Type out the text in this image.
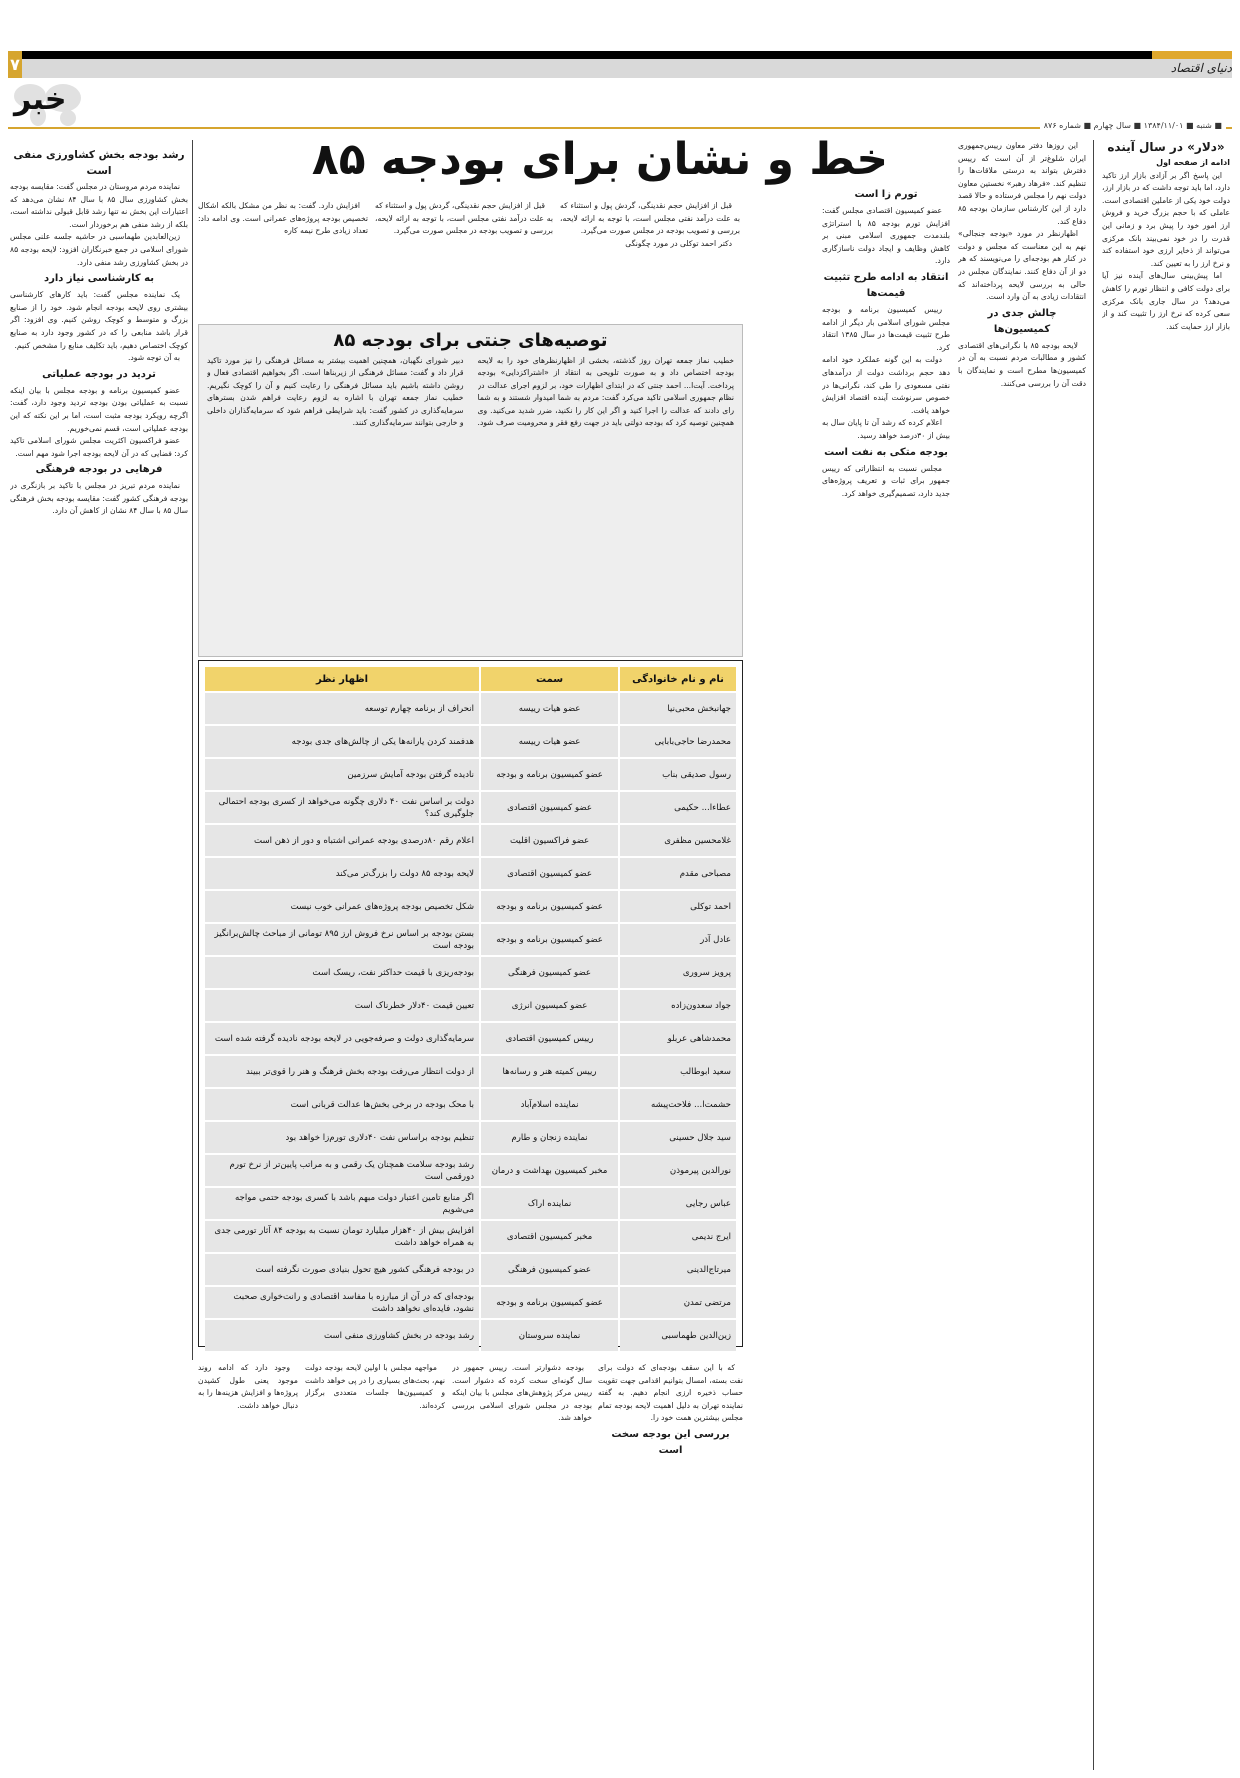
۷	دنیای اقتصاد
خبر
■ شنبه ■ ۱۳۸۴/۱۱/۰۱ ■ سال چهارم ■ شماره ۸۷۶
خط و نشان برای بودجه ۸۵	«دلار» در سال آینده
ادامه از صفحه اول

این پاسخ اگر بر آزادی بازار ارز تاکید دارد، اما باید توجه داشت که در بازار ارز، دولت خود یکی از عاملین اقتصادی است. عاملی که با حجم بزرگ خرید و فروش ارز امور خود را پیش برد و زمانی این قدرت را در خود نمی‌بیند بانک مرکزی می‌تواند از ذخایر ارزی خود استفاده کند و نرخ ارز را به تعیین کند.

اما پیش‌بینی سال‌های آینده نیز آیا برای دولت کافی و انتظار تورم را کاهش می‌دهد؟ در سال جاری بانک مرکزی سعی کرده که نرخ ارز را تثبیت کند و از بازار ارز حمایت کند.

این روزها دفتر معاون رییس‌جمهوری ایران شلوغ‌تر از آن است که رییس دفترش بتواند به درستی ملاقات‌ها را تنظیم کند. «فرهاد رهبر» نخستین معاون دولت نهم را مجلس فرستاده و حالا قصد دارد از این کارشناس سازمان بودجه ۸۵ دفاع کند.

اظهارنظر در مورد «بودجه جنجالی» نهم به این معناست که مجلس و دولت در کنار هم بودجه‌ای را می‌نویسند که هر دو از آن دفاع کنند. نمایندگان مجلس در حالی به بررسی لایحه پرداخته‌اند که انتقادات زیادی به آن وارد است.

چالش جدی در کمیسیون‌ها

لایحه بودجه ۸۵ با نگرانی‌های اقتصادی کشور و مطالبات مردم نسبت به آن در کمیسیون‌ها مطرح است و نمایندگان با دقت آن را بررسی می‌کنند.

تورم زا است

عضو کمیسیون اقتصادی مجلس گفت: افزایش تورم بودجه ۸۵ با استراتژی بلندمدت جمهوری اسلامی مبنی بر کاهش وظایف و ایجاد دولت ناسازگاری دارد.

انتقاد به ادامه طرح تثبیت قیمت‌ها

رییس کمیسیون برنامه و بودجه مجلس شورای اسلامی بار دیگر از ادامه طرح تثبیت قیمت‌ها در سال ۱۳۸۵ انتقاد کرد.

دولت به این گونه عملکرد خود ادامه دهد حجم برداشت دولت از درآمدهای نفتی مسعودی را طی کند، نگرانی‌ها در خصوص سرنوشت آینده اقتصاد افزایش خواهد یافت.

اعلام کرده که رشد آن تا پایان سال به بیش از ۳۰درصد خواهد رسید.

بودجه متکی به نفت است

مجلس نسبت به انتظاراتی که رییس جمهور برای ثبات و تعریف پروژه‌های جدید دارد، تصمیم‌گیری خواهد کرد.

قبل از افزایش حجم نقدینگی، گردش پول و استثناء که به علت درآمد نفتی مجلس است، با توجه به ارائه لایحه، بررسی و تصویب بودجه در مجلس صورت می‌گیرد.

دکتر احمد توکلی در مورد چگونگی

افزایش دارد. گفت: به نظر من مشکل بالکه اشکال تخصیص بودجه پروژه‌های عمرانی است. وی ادامه داد: تعداد زیادی طرح نیمه کاره

قبل از افزایش حجم نقدینگی، گردش پول و استثناء که به علت درآمد نفتی مجلس است، با توجه به ارائه لایحه، بررسی و تصویب بودجه در مجلس صورت می‌گیرد.

توصیه‌های جنتی برای بودجه ۸۵
خطیب نماز جمعه تهران روز گذشته، بخشی از اظهارنظرهای خود را به لایحه بودجه اختصاص داد و به صورت تلویحی به انتقاد از «اشتراکزدایی» بودجه پرداخت. آیت‌ا... احمد جنتی که در ابتدای اظهارات خود، بر لزوم اجرای عدالت در نظام جمهوری اسلامی تاکید می‌کرد گفت: مردم به شما امیدوار شستند و به شما رای دادند که عدالت را اجرا کنید و اگر این کار را نکنید، ضرر شدید می‌کنید. وی همچنین توصیه کرد که بودجه دولتی باید در جهت رفع فقر و محرومیت صرف شود.
دبیر شورای نگهبان، همچنین اهمیت بیشتر به مسائل فرهنگی را نیز مورد تاکید قرار داد و گفت: مسائل فرهنگی از زیربناها است. اگر بخواهیم اقتصادی فعال و روشن داشته باشیم باید مسائل فرهنگی را رعایت کنیم و آن را کوچک نگیریم. خطیب نماز جمعه تهران با اشاره به لزوم رعایت فراهم شدن بستر‌های سرمایه‌گذاری در کشور گفت: باید شرایطی فراهم شود که سرمایه‌گذاران داخلی و خارجی بتوانند سرمایه‌گذاری کنند.
نام و نام خانوادگی	سمت	اظهار نظر
جهانبخش محبی‌نیا	عضو هیات رییسه	انحراف از برنامه چهارم توسعه
محمدرضا حاجی‌بابایی	عضو هیات رییسه	هدفمند کردن یارانه‌ها یکی از چالش‌های جدی بودجه
رسول صدیقی بناب	عضو کمیسیون برنامه و بودجه	نادیده گرفتن بودجه آمایش سرزمین
عطاءا... حکیمی	عضو کمیسیون اقتصادی	دولت بر اساس نفت ۴۰ دلاری چگونه می‌خواهد از کسری بودجه احتمالی جلوگیری کند؟
غلامحسین مظفری	عضو فراکسیون اقلیت	اعلام رقم ۸۰درصدی بودجه عمرانی اشتباه و دور از ذهن است
مصباحی مقدم	عضو کمیسیون اقتصادی	لایحه بودجه ۸۵ دولت را بزرگ‌تر می‌کند
احمد توکلی	عضو کمیسیون برنامه و بودجه	شکل تخصیص بودجه پروژه‌های عمرانی خوب نیست
عادل آذر	عضو کمیسیون برنامه و بودجه	بستن بودجه بر اساس نرخ فروش ارز ۸۹۵ تومانی از مباحث چالش‌برانگیز بودجه است
پرویز سروری	عضو کمیسیون فرهنگی	بودجه‌ریزی با قیمت حداکثر نفت، ریسک است
جواد سعدون‌زاده	عضو کمیسیون انرژی	تعیین قیمت ۴۰دلار خطرناک است
محمدشاهی عربلو	رییس کمیسیون اقتصادی	سرمایه‌گذاری دولت و صرفه‌جویی در لایحه بودجه نادیده گرفته شده است
سعید ابوطالب	رییس کمیته هنر و رسانه‌ها	از دولت انتظار می‌رفت بودجه بخش فرهنگ و هنر را قوی‌تر ببیند
حشمت‌ا... فلاحت‌پیشه	نماینده اسلام‌آباد	با محک بودجه در برخی بخش‌ها عدالت قربانی است
سید جلال حسینی	نماینده زنجان و طارم	تنظیم بودجه براساس نفت ۴۰دلاری تورم‌زا خواهد بود
نورالدین پیرموذن	مخبر کمیسیون بهداشت و درمان	رشد بودجه سلامت همچنان یک رقمی و به مراتب پایین‌تر از نرخ تورم دورقمی است
عباس رجایی	نماینده اراک	اگر منابع تامین اعتبار دولت مبهم باشد با کسری بودجه حتمی مواجه می‌شویم
ایرج ندیمی	مخبر کمیسیون اقتصادی	افزایش بیش از ۴۰هزار میلیارد تومان نسبت به بودجه ۸۴ آثار تورمی جدی به همراه خواهد داشت
میرتاج‌الدینی	عضو کمیسیون فرهنگی	در بودجه فرهنگی کشور هیچ تحول بنیادی صورت نگرفته است
مرتضی تمدن	عضو کمیسیون برنامه و بودجه	بودجه‌ای که در آن از مبارزه با مفاسد اقتصادی و رانت‌خواری صحبت نشود، فایده‌ای نخواهد داشت
زین‌الدین طهماسبی	نماینده سروستان	رشد بودجه در بخش کشاورزی منفی است
رشد بودجه بخش کشاورزی منفی است

نماینده مردم مروستان در مجلس گفت: مقایسه بودجه بخش کشاورزی سال ۸۵ با سال ۸۴ نشان می‌دهد که اعتبارات این بخش نه تنها رشد قابل قبولی نداشته است، بلکه از رشد منفی هم برخوردار است.

زین‌العابدین طهماسبی در حاشیه جلسه علنی مجلس شورای اسلامی در جمع خبرنگاران افزود: لایحه بودجه ۸۵ در بخش کشاورزی رشد منفی دارد.

به کارشناسی نیاز دارد

یک نماینده مجلس گفت: باید کارهای کارشناسی بیشتری روی لایحه بودجه انجام شود. خود را از صنایع بزرگ و متوسط و کوچک روشن کنیم. وی افزود: اگر قرار باشد منابعی را که در کشور وجود دارد به صنایع کوچک اختصاص دهیم، باید تکلیف منابع را مشخص کنیم.

به آن توجه شود.

تردید در بودجه عملیاتی

عضو کمیسیون برنامه و بودجه مجلس با بیان اینکه نسبت به عملیاتی بودن بودجه تردید وجود دارد، گفت: اگرچه رویکرد بودجه مثبت است، اما بر این نکته که این بودجه عملیاتی است، قسم نمی‌خوریم.

عضو فراکسیون اکثریت مجلس شورای اسلامی تاکید کرد: فضایی که در آن لایحه بودجه اجرا شود مهم است.

فرهایی در بودجه فرهنگی

نماینده مردم تبریز در مجلس با تاکید بر بازنگری در بودجه فرهنگی کشور گفت: مقایسه بودجه بخش فرهنگی سال ۸۵ با سال ۸۴ نشان از کاهش آن دارد.

وجود دارد که ادامه روند موجود یعنی طول کشیدن پروژه‌ها و افزایش هزینه‌ها را به دنبال خواهد داشت.

مواجهه مجلس با اولین لایحه بودجه دولت نهم، بحث‌های بسیاری را در پی خواهد داشت و کمیسیون‌ها جلسات متعددی برگزار کرده‌اند.

بودجه دشوارتر است. رییس جمهور در سال گونه‌ای سخت کرده که دشوار است. رییس مرکز پژوهش‌های مجلس با بیان اینکه بودجه در مجلس شورای اسلامی بررسی خواهد شد.

که با این سقف بودجه‌ای که دولت برای نفت بسته، امسال بتوانیم اقدامی جهت تقویت حساب ذخیره ارزی انجام دهیم. به گفته نماینده تهران به دلیل اهمیت لایحه بودجه تمام مجلس بیشترین همت خود را.

بررسی این بودجه سخت است
